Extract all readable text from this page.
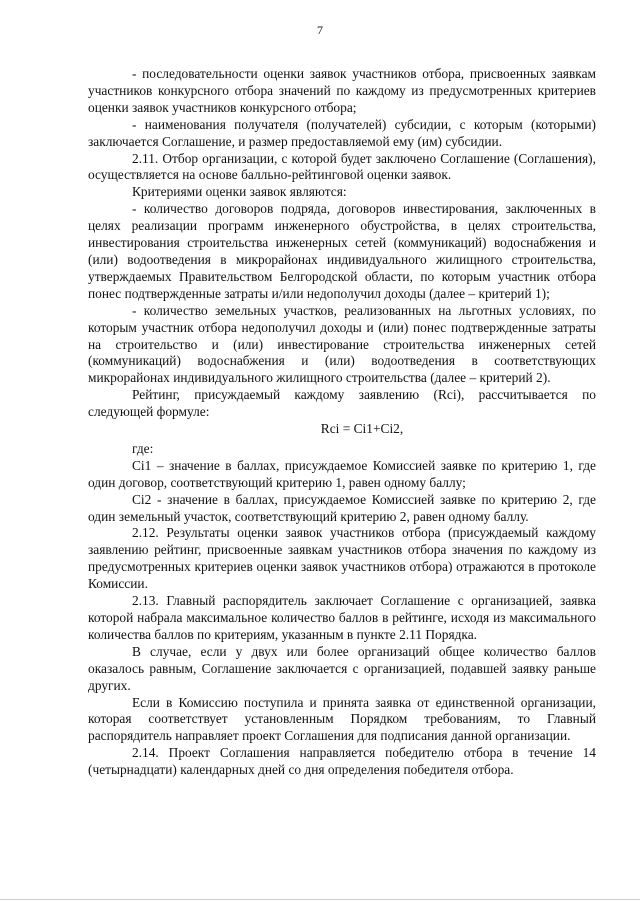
7

- последовательности оценки заявок участников отбора, присвоенных заявкам участников конкурсного отбора значений по каждому из предусмотренных критериев оценки заявок участников конкурсного отбора;

- наименования получателя (получателей) субсидии, с которым (которыми) заключается Соглашение, и размер предоставляемой ему (им) субсидии.

2.11. Отбор организации, с которой будет заключено Соглашение (Соглашения), осуществляется на основе балльно-рейтинговой оценки заявок.

Критериями оценки заявок являются:

- количество договоров подряда, договоров инвестирования, заключенных в целях реализации программ инженерного обустройства, в целях строительства, инвестирования строительства инженерных сетей (коммуникаций) водоснабжения и (или) водоотведения в микрорайонах индивидуального жилищного строительства, утверждаемых Правительством Белгородской области, по которым участник отбора понес подтвержденные затраты и/или недополучил доходы (далее – критерий 1);

- количество земельных участков, реализованных на льготных условиях, по которым участник отбора недополучил доходы и (или) понес подтвержденные затраты на строительство и (или) инвестирование строительства инженерных сетей (коммуникаций) водоснабжения и (или) водоотведения в соответствующих микрорайонах индивидуального жилищного строительства (далее – критерий 2).

Рейтинг, присуждаемый каждому заявлению (Rci), рассчитывается по следующей формуле:

Rci = Ci1+Ci2,

где:

Ci1 – значение в баллах, присуждаемое Комиссией заявке по критерию 1, где один договор, соответствующий критерию 1, равен одному баллу;

Ci2 - значение в баллах, присуждаемое Комиссией заявке по критерию 2, где один земельный участок, соответствующий критерию 2, равен одному баллу.

2.12. Результаты оценки заявок участников отбора (присуждаемый каждому заявлению рейтинг, присвоенные заявкам участников отбора значения по каждому из предусмотренных критериев оценки заявок участников отбора) отражаются в протоколе Комиссии.

2.13. Главный распорядитель заключает Соглашение с организацией, заявка которой набрала максимальное количество баллов в рейтинге, исходя из максимального количества баллов по критериям, указанным в пункте 2.11 Порядка.

В случае, если у двух или более организаций общее количество баллов оказалось равным, Соглашение заключается с организацией, подавшей заявку раньше других.

Если в Комиссию поступила и принята заявка от единственной организации, которая соответствует установленным Порядком требованиям, то Главный распорядитель направляет проект Соглашения для подписания данной организации.

2.14. Проект Соглашения направляется победителю отбора в течение 14 (четырнадцати) календарных дней со дня определения победителя отбора.
